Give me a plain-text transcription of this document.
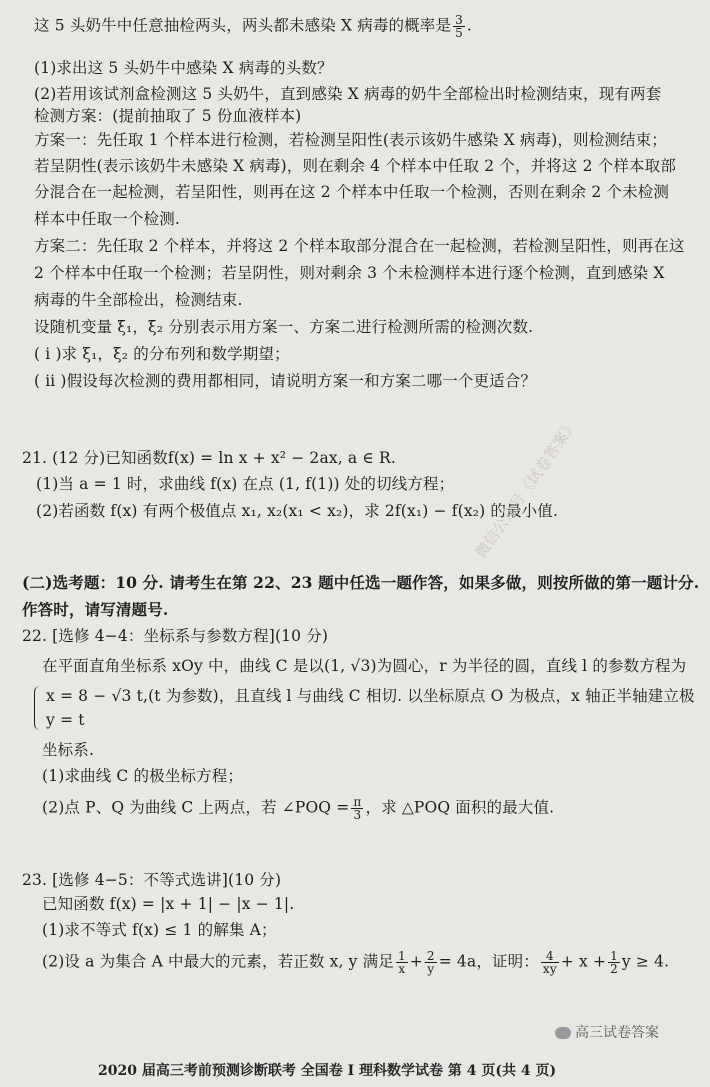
这 5 头奶牛中任意抽检两头，两头都未感染 X 病毒的概率是 $\frac{3}{5}$ .
(1)求出这 5 头奶牛中感染 X 病毒的头数？
(2)若用该试剂盒检测这 5 头奶牛，直到感染 X 病毒的奶牛全部检出时检测结束，现有两套
检测方案：(提前抽取了 5 份血液样本)
方案一：先任取 1 个样本进行检测，若检测呈阳性(表示该奶牛感染 X 病毒)，则检测结束；
若呈阴性(表示该奶牛未感染 X 病毒)，则在剩余 4 个样本中任取 2 个，并将这 2 个样本取部
分混合在一起检测，若呈阳性，则再在这 2 个样本中任取一个检测，否则在剩余 2 个未检测
样本中任取一个检测.
方案二：先任取 2 个样本，并将这 2 个样本取部分混合在一起检测，若检测呈阳性，则再在这
2 个样本中任取一个检测；若呈阴性，则对剩余 3 个未检测样本进行逐个检测，直到感染 X
病毒的牛全部检出，检测结束.
设随机变量 ξ₁，ξ₂ 分别表示用方案一、方案二进行检测所需的检测次数.
( ⅰ )求 ξ₁，ξ₂ 的分布列和数学期望；
( ⅱ )假设每次检测的费用都相同，请说明方案一和方案二哪一个更适合？
21. (12 分)已知函数f(x) = ln x + x² − 2ax, a ∈ R.
(1)当 a = 1 时，求曲线 f(x) 在点 (1, f(1)) 处的切线方程；
(2)若函数 f(x) 有两个极值点 x₁, x₂(x₁ < x₂)，求 2f(x₁) − f(x₂) 的最小值.
微信公众号《试卷答案》
(二)选考题：10 分. 请考生在第 22、23 题中任选一题作答，如果多做，则按所做的第一题计分.
作答时，请写清题号.
22. [选修 4−4：坐标系与参数方程](10 分)
在平面直角坐标系 xOy 中，曲线 C 是以(1, √3)为圆心，r 为半径的圆，直线 l 的参数方程为
x = 8 − √3 t,(t 为参数)，且直线 l 与曲线 C 相切. 以坐标原点 O 为极点，x 轴正半轴建立极
y = t
坐标系.
(1)求曲线 C 的极坐标方程；
(2)点 P、Q 为曲线 C 上两点，若 ∠POQ = $\frac{\pi}{3}$ ，求 △POQ 面积的最大值.
23. [选修 4−5：不等式选讲](10 分)
已知函数 f(x) = |x + 1| − |x − 1|.
(1)求不等式 f(x) ≤ 1 的解集 A；
(2)设 a 为集合 A 中最大的元素，若正数 x, y 满足 $\frac{1}{x} + \frac{2}{y} = 4a$，证明： $\frac{4}{xy} + x + \frac{1}{2}$ y ≥ 4.
高三试卷答案
2020 届高三考前预测诊断联考 全国卷 Ⅰ 理科数学试卷 第 4 页(共 4 页)
